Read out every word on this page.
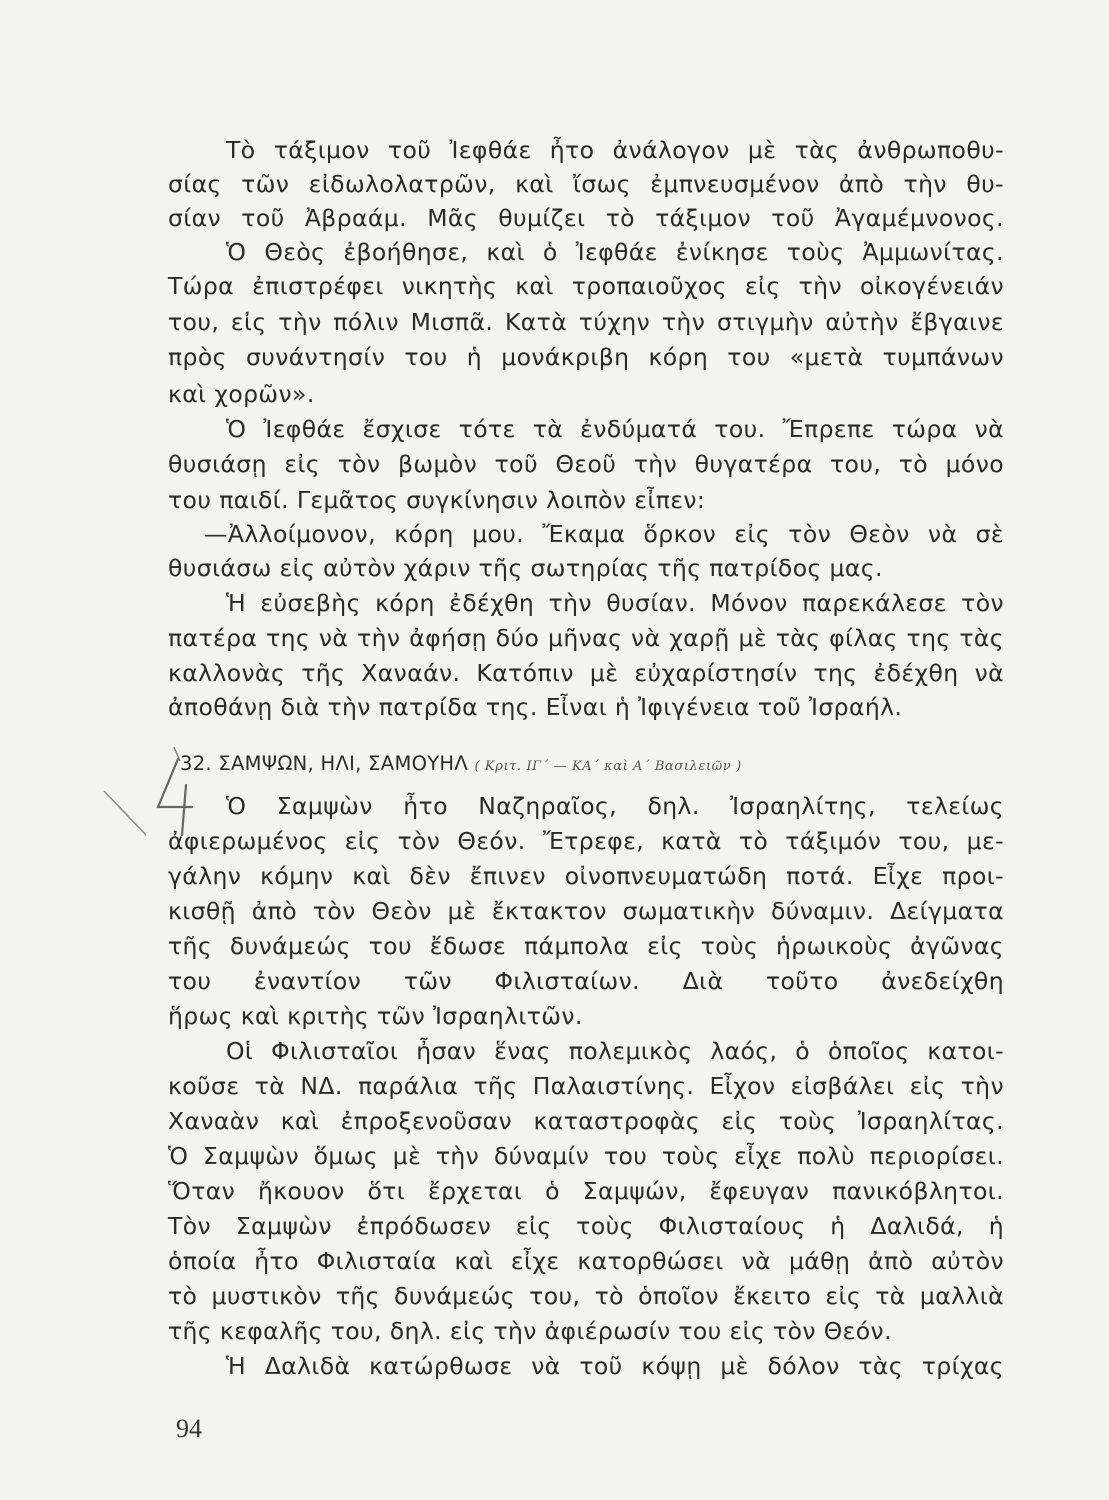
Τὸ τάξιμον τοῦ Ἰεφθάε ἦτο ἀνάλογον μὲ τὰς ἀνθρωποθυ-

σίας τῶν εἰδωλολατρῶν, καὶ ἴσως ἐμπνευσμένον ἀπὸ τὴν θυ-

σίαν τοῦ Ἀβραάμ. Μᾶς θυμίζει τὸ τάξιμον τοῦ Ἀγαμέμνονος.

Ὁ Θεὸς ἐβοήθησε, καὶ ὁ Ἰεφθάε ἐνίκησε τοὺς Ἀμμωνίτας.

Τώρα ἐπιστρέφει νικητὴς καὶ τροπαιοῦχος εἰς τὴν οἰκογένειάν

του, εἰς τὴν πόλιν Μισπᾶ. Κατὰ τύχην τὴν στιγμὴν αὐτὴν ἔβγαινε

πρὸς συνάντησίν του ἡ μονάκριβη κόρη του «μετὰ τυμπάνων

καὶ χορῶν».

Ὁ Ἰεφθάε ἔσχισε τότε τὰ ἐνδύματά του. Ἔπρεπε τώρα νὰ

θυσιάσῃ εἰς τὸν βωμὸν τοῦ Θεοῦ τὴν θυγατέρα του, τὸ μόνο

του παιδί. Γεμᾶτος συγκίνησιν λοιπὸν εἶπεν:

—Ἀλλοίμονον, κόρη μου. Ἔκαμα ὅρκον εἰς τὸν Θεὸν νὰ σὲ

θυσιάσω εἰς αὐτὸν χάριν τῆς σωτηρίας τῆς πατρίδος μας.

Ἡ εὐσεβὴς κόρη ἐδέχθη τὴν θυσίαν. Μόνον παρεκάλεσε τὸν

πατέρα της νὰ τὴν ἀφήσῃ δύο μῆνας νὰ χαρῇ μὲ τὰς φίλας της τὰς

καλλονὰς τῆς Χαναάν. Κατόπιν μὲ εὐχαρίστησίν της ἐδέχθη νὰ

ἀποθάνῃ διὰ τὴν πατρίδα της. Εἶναι ἡ Ἰφιγένεια τοῦ Ἰσραήλ.

32. ΣΑΜΨΩΝ, ΗΛΙ, ΣΑΜΟΥΗΛ ( Κριτ. ΙΓ΄ — ΚΑ΄ καὶ Α΄ Βασιλειῶν )

Ὁ Σαμψὼν ἦτο Ναζηραῖος, δηλ. Ἰσραηλίτης, τελείως

ἀφιερωμένος εἰς τὸν Θεόν. Ἔτρεφε, κατὰ τὸ τάξιμόν του, με-

γάλην κόμην καὶ δὲν ἔπινεν οἰνοπνευματώδη ποτά. Εἶχε προι-

κισθῇ ἀπὸ τὸν Θεὸν μὲ ἔκτακτον σωματικὴν δύναμιν. Δείγματα

τῆς δυνάμεώς του ἔδωσε πάμπολα εἰς τοὺς ἡρωικοὺς ἀγῶνας

του ἐναντίον τῶν Φιλισταίων. Διὰ τοῦτο ἀνεδείχθη

ἥρως καὶ κριτὴς τῶν Ἰσραηλιτῶν.

Οἱ Φιλισταῖοι ἦσαν ἕνας πολεμικὸς λαός, ὁ ὁποῖος κατοι-

κοῦσε τὰ ΝΔ. παράλια τῆς Παλαιστίνης. Εἶχον εἰσβάλει εἰς τὴν

Χαναὰν καὶ ἐπροξενοῦσαν καταστροφὰς εἰς τοὺς Ἰσραηλίτας.

Ὁ Σαμψὼν ὅμως μὲ τὴν δύναμίν του τοὺς εἶχε πολὺ περιορίσει.

Ὅταν ἤκουον ὅτι ἔρχεται ὁ Σαμψών, ἔφευγαν πανικόβλητοι.

Τὸν Σαμψὼν ἐπρόδωσεν εἰς τοὺς Φιλισταίους ἡ Δαλιδά, ἡ

ὁποία ἦτο Φιλισταία καὶ εἶχε κατορθώσει νὰ μάθῃ ἀπὸ αὐτὸν

τὸ μυστικὸν τῆς δυνάμεώς του, τὸ ὁποῖον ἔκειτο εἰς τὰ μαλλιὰ

τῆς κεφαλῆς του, δηλ. εἰς τὴν ἀφιέρωσίν του εἰς τὸν Θεόν.

Ἡ Δαλιδὰ κατώρθωσε νὰ τοῦ κόψῃ μὲ δόλον τὰς τρίχας

94
